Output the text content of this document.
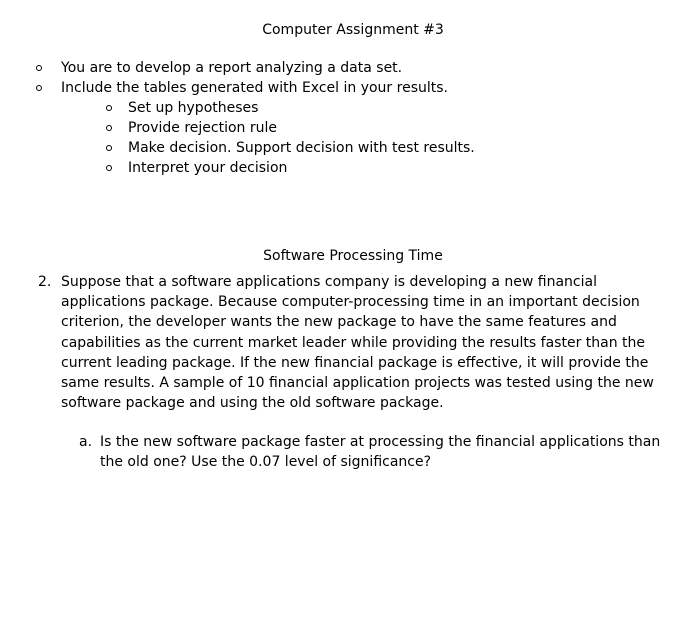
Computer Assignment #3
You are to develop a report analyzing a data set.
Include the tables generated with Excel in your results.
Set up hypotheses
Provide rejection rule
Make decision. Support decision with test results.
Interpret your decision
Software Processing Time
2. Suppose that a software applications company is developing a new financial applications package. Because computer-processing time in an important decision criterion, the developer wants the new package to have the same features and capabilities as the current market leader while providing the results faster than the current leading package. If the new financial package is effective, it will provide the same results. A sample of 10 financial application projects was tested using the new software package and using the old software package.
a. Is the new software package faster at processing the financial applications than the old one? Use the 0.07 level of significance?
